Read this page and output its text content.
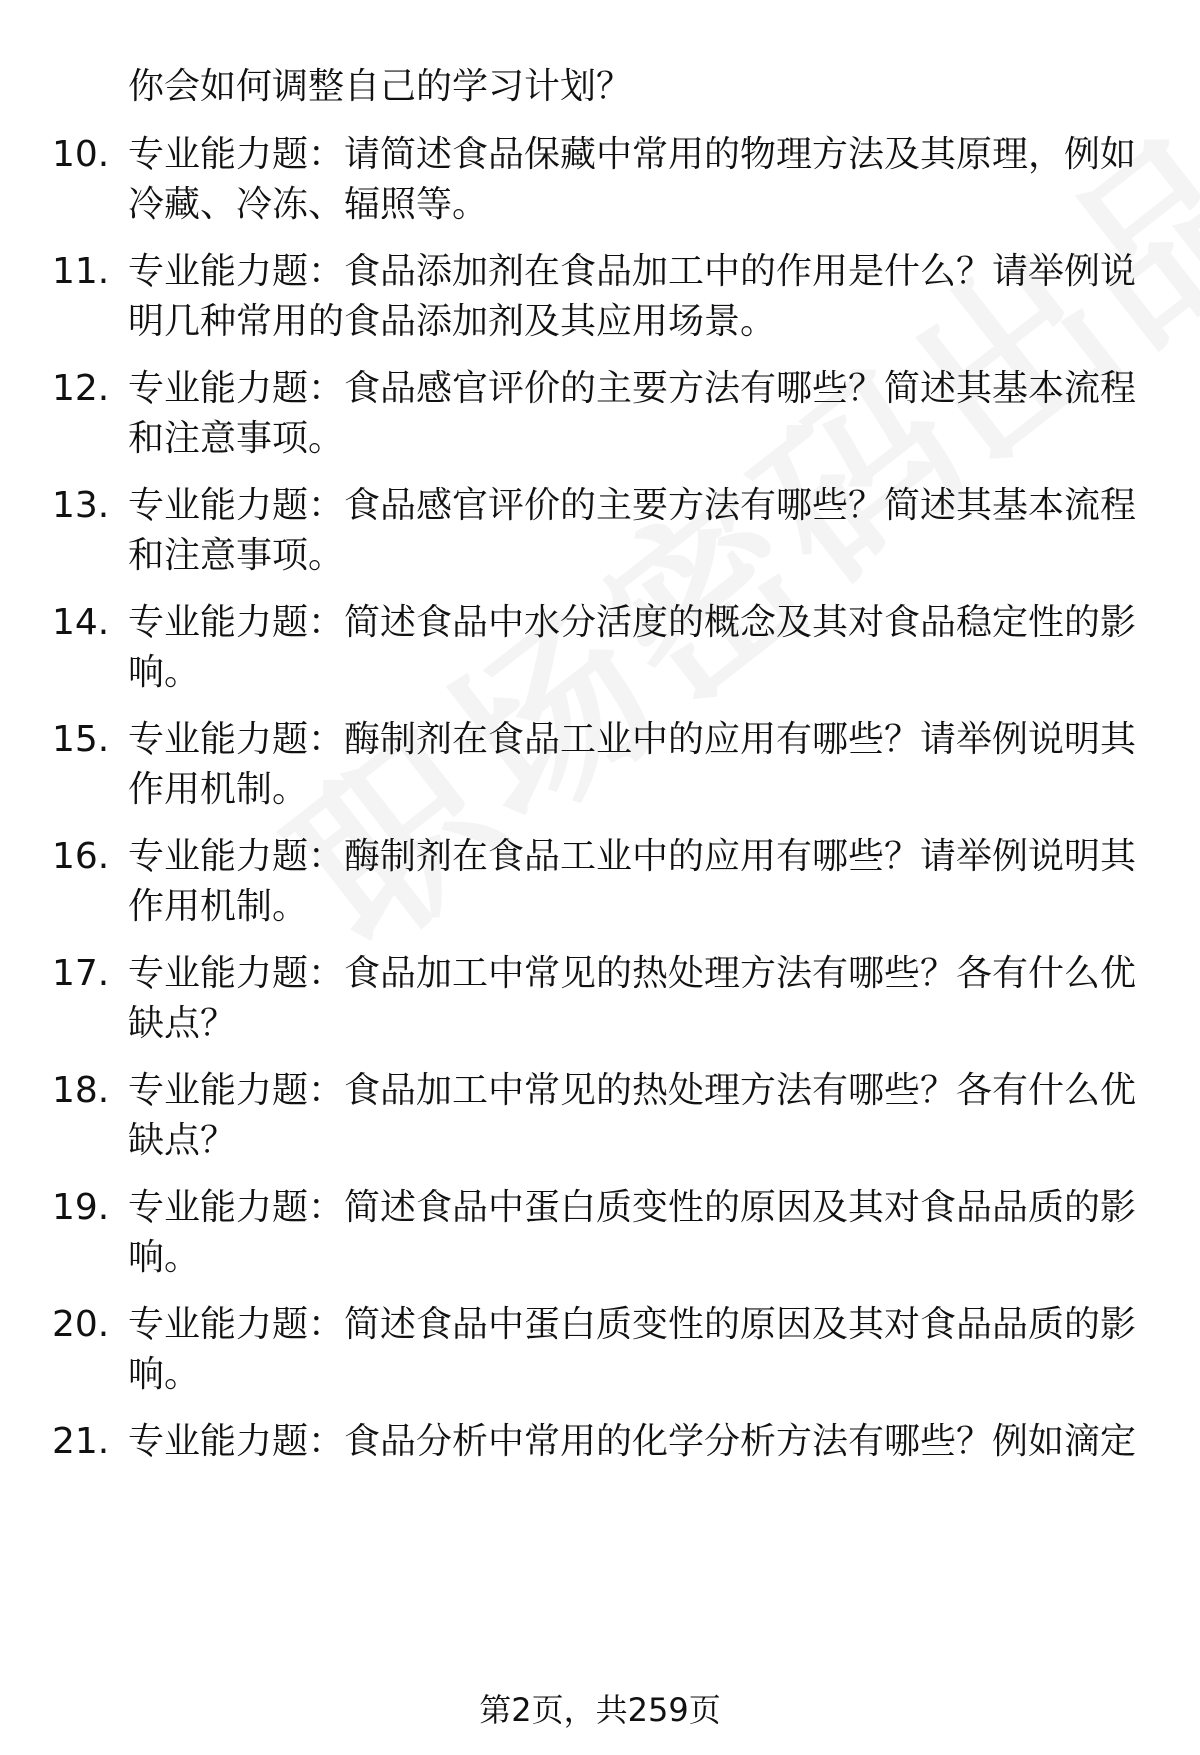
你会如何调整自己的学习计划？
10. 专业能力题：请简述食品保藏中常用的物理方法及其原理，例如
冷藏、冷冻、辐照等。
11. 专业能力题：食品添加剂在食品加工中的作用是什么？请举例说
明几种常用的食品添加剂及其应用场景。
12. 专业能力题：食品感官评价的主要方法有哪些？简述其基本流程
和注意事项。
13. 专业能力题：食品感官评价的主要方法有哪些？简述其基本流程
和注意事项。
14. 专业能力题：简述食品中水分活度的概念及其对食品稳定性的影
响。
15. 专业能力题：酶制剂在食品工业中的应用有哪些？请举例说明其
作用机制。
16. 专业能力题：酶制剂在食品工业中的应用有哪些？请举例说明其
作用机制。
17. 专业能力题：食品加工中常见的热处理方法有哪些？各有什么优
缺点？
18. 专业能力题：食品加工中常见的热处理方法有哪些？各有什么优
缺点？
19. 专业能力题：简述食品中蛋白质变性的原因及其对食品品质的影
响。
20. 专业能力题：简述食品中蛋白质变性的原因及其对食品品质的影
响。
21. 专业能力题：食品分析中常用的化学分析方法有哪些？例如滴定
第2页，共259页
